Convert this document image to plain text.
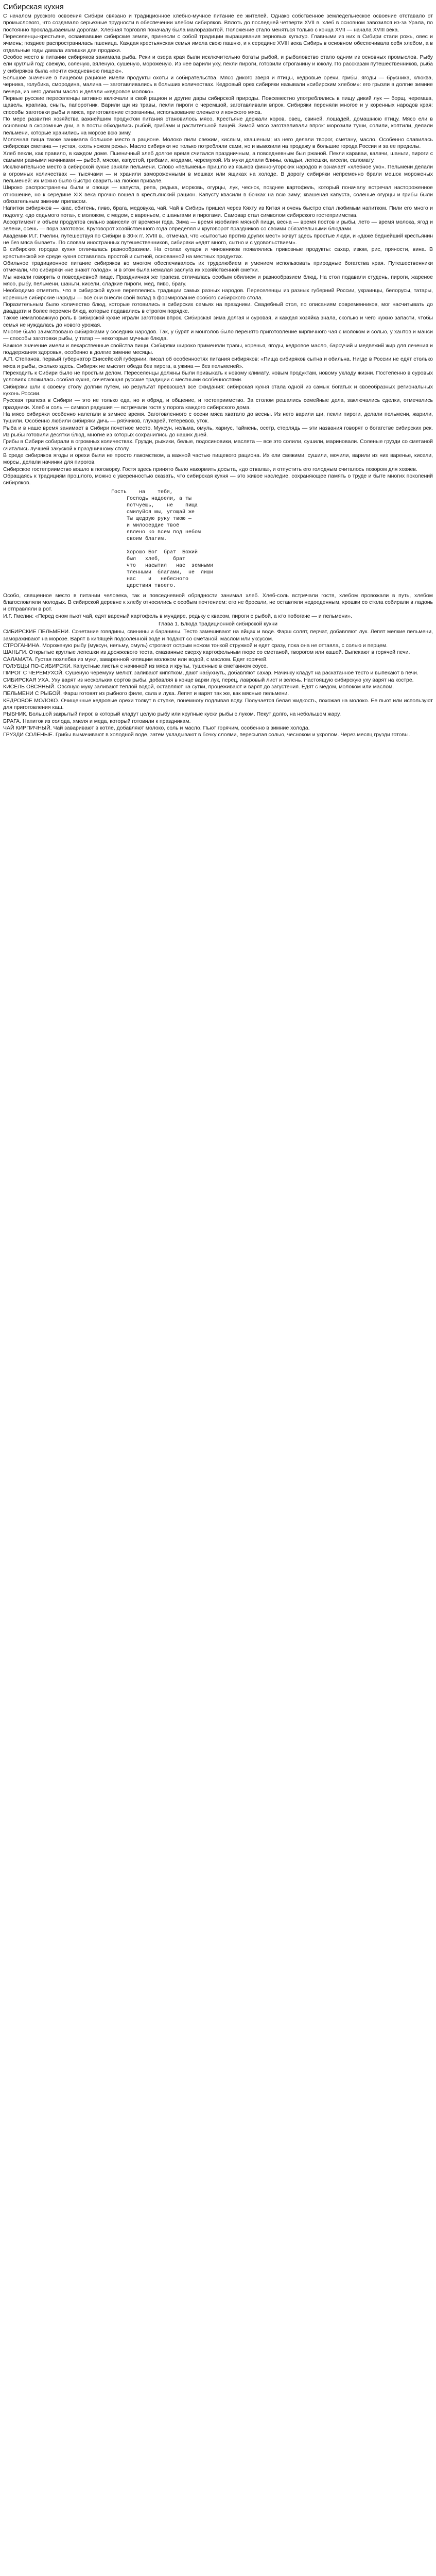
Сибирская кухня

С началом русского освоения Сибири связано и традиционное хлебно-мучное питание ее жителей. Однако собственное земледельческое освоение отставало от промыслового, что создавало серьезные трудности в обеспечении хлебом сибиряков. Вплоть до последней четверти XVII в. хлеб в основном завозился из-за Урала, по постоянно прокладываемым дорогам. Хлебная торговля поначалу была малоразвитой. Положение стало меняться только с конца XVII — начала XVIII века.

Переселенцы-крестьяне, осваивавшие сибирские земли, принесли с собой традиции выращивания зерновых культур. Главными из них в Сибири стали рожь, овес и ячмень; позднее распространилась пшеница. Каждая крестьянская семья имела свою пашню, и к середине XVIII века Сибирь в основном обеспечивала себя хлебом, а в отдельные годы давала излишки для продажи.

Особое место в питании сибиряков занимала рыба. Реки и озера края были исключительно богаты рыбой, и рыболовство стало одним из основных промыслов. Рыбу ели круглый год: свежую, соленую, вяленую, сушеную, мороженую. Из нее варили уху, пекли пироги, готовили строганину и юколу. По рассказам путешественников, рыба у сибиряков была «почти ежедневною пищею».

Большое значение в пищевом рационе имели продукты охоты и собирательства. Мясо дикого зверя и птицы, кедровые орехи, грибы, ягоды — брусника, клюква, черника, голубика, смородина, малина — заготавливались в больших количествах. Кедровый орех сибиряки называли «сибирским хлебом»: его грызли в долгие зимние вечера, из него давили масло и делали «кедровое молоко».

Первые русские переселенцы активно включали в свой рацион и другие дары сибирской природы. Повсеместно употреблялись в пищу дикий лук — борщ, черемша, щавель, крапива, сныть, папоротник. Варили щи из травы, пекли пироги с черемшой, заготавливали впрок. Сибиряки переняли многое и у коренных народов края: способы заготовки рыбы и мяса, приготовление строганины, использование оленьего и конского мяса.

По мере развития хозяйства важнейшим продуктом питания становилось мясо. Крестьяне держали коров, овец, свиней, лошадей, домашнюю птицу. Мясо ели в основном в скоромные дни, а в посты обходились рыбой, грибами и растительной пищей. Зимой мясо заготавливали впрок: морозили туши, солили, коптили, делали пельмени, которые хранились на морозе всю зиму.

Молочная пища также занимала большое место в рационе. Молоко пили свежим, кислым, квашеным; из него делали творог, сметану, масло. Особенно славилась сибирская сметана — густая, «хоть ножом режь». Масло сибиряки не только потребляли сами, но и вывозили на продажу в большие города России и за ее пределы.

Хлеб пекли, как правило, в каждом доме. Пшеничный хлеб долгое время считался праздничным, а повседневным был ржаной. Пекли караваи, калачи, шаньги, пироги с самыми разными начинками — рыбой, мясом, капустой, грибами, ягодами, черемухой. Из муки делали блины, оладьи, лепешки, кисели, саломату.

Исключительное место в сибирской кухне заняли пельмени. Слово «пельмень» пришло из языков финно-угорских народов и означает «хлебное ухо». Пельмени делали в огромных количествах — тысячами — и хранили замороженными в мешках или ящиках на холоде. В дорогу сибиряки непременно брали мешок мороженых пельменей: их можно было быстро сварить на любом привале.

Широко распространены были и овощи — капуста, репа, редька, морковь, огурцы, лук, чеснок, позднее картофель, который поначалу встречал настороженное отношение, но к середине XIX века прочно вошел в крестьянский рацион. Капусту квасили в бочках на всю зиму; квашеная капуста, соленые огурцы и грибы были обязательным зимним припасом.

Напитки сибиряков — квас, сбитень, пиво, брага, медовуха, чай. Чай в Сибирь пришел через Кяхту из Китая и очень быстро стал любимым напитком. Пили его много и подолгу, «до седьмого пота», с молоком, с медом, с вареньем, с шаньгами и пирогами. Самовар стал символом сибирского гостеприимства.

Ассортимент и объем продуктов сильно зависели от времени года. Зима — время изобилия мясной пищи, весна — время постов и рыбы, лето — время молока, ягод и зелени, осень — пора заготовок. Круговорот хозяйственного года определял и круговорот праздников со своими обязательными блюдами.

Академик И.Г. Гмелин, путешествуя по Сибири в 30-х гг. XVIII в., отмечал, что «сытостью против других мест» живут здесь простые люди, и «даже беднейший крестьянин не без мяса бывает». По словам иностранных путешественников, сибиряки «едят много, сытно и с удовольствием».

В сибирских городах кухня отличалась разнообразием. На столах купцов и чиновников появлялись привозные продукты: сахар, изюм, рис, пряности, вина. В крестьянской же среде кухня оставалась простой и сытной, основанной на местных продуктах.

Обильное традиционное питание сибиряков во многом обеспечивалось их трудолюбием и умением использовать природные богатства края. Путешественники отмечали, что сибиряки «не знают голода», и в этом была немалая заслуга их хозяйственной сметки.

Мы начали говорить о повседневной пище. Праздничная же трапеза отличалась особым обилием и разнообразием блюд. На стол подавали студень, пироги, жареное мясо, рыбу, пельмени, шаньги, кисели, сладкие пироги, мед, пиво, брагу.

Необходимо отметить, что в сибирской кухне переплелись традиции самых разных народов. Переселенцы из разных губерний России, украинцы, белорусы, татары, коренные сибирские народы — все они внесли свой вклад в формирование особого сибирского стола.

Поразительным было количество блюд, которые готовились в сибирских семьях на праздники. Свадебный стол, по описаниям современников, мог насчитывать до двадцати и более перемен блюд, которые подавались в строгом порядке.

Также немаловажную роль в сибирской кухне играли заготовки впрок. Сибирская зима долгая и суровая, и каждая хозяйка знала, сколько и чего нужно запасти, чтобы семья не нуждалась до нового урожая.

Многое было заимствовано сибиряками у соседних народов. Так, у бурят и монголов было перенято приготовление кирпичного чая с молоком и солью, у хантов и манси — способы заготовки рыбы, у татар — некоторые мучные блюда.

Важное значение имели и лекарственные свойства пищи. Сибиряки широко применяли травы, коренья, ягоды, кедровое масло, барсучий и медвежий жир для лечения и поддержания здоровья, особенно в долгие зимние месяцы.

А.П. Степанов, первый губернатор Енисейской губернии, писал об особенностях питания сибиряков: «Пища сибиряков сытна и обильна. Нигде в России не едят столько мяса и рыбы, сколько здесь. Сибиряк не мыслит обеда без пирога, а ужина — без пельменей».

Переходить к Сибири было не простым делом. Переселенцы должны были привыкать к новому климату, новым продуктам, новому укладу жизни. Постепенно в суровых условиях сложилась особая кухня, сочетающая русские традиции с местными особенностями.

Сибиряки шли к своему столу долгим путем, но результат превзошел все ожидания: сибирская кухня стала одной из самых богатых и своеобразных региональных кухонь России.

Русская трапеза в Сибири — это не только еда, но и обряд, и общение, и гостеприимство. За столом решались семейные дела, заключались сделки, отмечались праздники. Хлеб и соль — символ радушия — встречали гостя у порога каждого сибирского дома.

На мясо сибиряки особенно налегали в зимнее время. Заготовленного с осени мяса хватало до весны. Из него варили щи, пекли пироги, делали пельмени, жарили, тушили. Особенно любили сибиряки дичь — рябчиков, глухарей, тетеревов, уток.

Рыба и в наше время занимает в Сибири почетное место. Муксун, нельма, омуль, хариус, таймень, осетр, стерлядь — эти названия говорят о богатстве сибирских рек. Из рыбы готовили десятки блюд, многие из которых сохранились до наших дней.

Грибы в Сибири собирали в огромных количествах. Грузди, рыжики, белые, подосиновики, маслята — все это солили, сушили, мариновали. Соленые грузди со сметаной считались лучшей закуской к праздничному столу.

В среде сибиряков ягоды и орехи были не просто лакомством, а важной частью пищевого рациона. Их ели свежими, сушили, мочили, варили из них варенье, кисели, морсы, делали начинки для пирогов.

Сибирское гостеприимство вошло в поговорку. Гостя здесь принято было накормить досыта, «до отвала», и отпустить его голодным считалось позором для хозяев.

Обращаясь к традициям прошлого, можно с уверенностью сказать, что сибирская кухня — это живое наследие, сохраняющее память о труде и быте многих поколений сибиряков.

Гость    на    тебя,
Господь надоели, а ты
потчуешь,    не    пища
смилуйся мы, угощай же
Ты щедрую руку твою —
и милосердие твоё
явлено ко всем под небом
своим благим.

Хорошо Бог  брат  Божий
был   хлеб,    брат
что   насытил   нас  земными
тленными  благами,  не  лиши
нас    и   небесного
царствия твоего.

Особо, священное место в питании человека, так и повседневной обрядности занимал хлеб. Хлеб-соль встречали гостя, хлебом провожали в путь, хлебом благословляли молодых. В сибирской деревне к хлебу относились с особым почтением: его не бросали, не оставляли недоеденным, крошки со стола собирали в ладонь и отправляли в рот.

И.Г. Гмелин: «Перед сном пьют чай, едят вареный картофель в мундире, редьку с квасом, пироги с рыбой, а кто побогаче — и пельмени».

Глава 1. Блюда традиционной сибирской кухни

СИБИРСКИЕ ПЕЛЬМЕНИ. Сочетание говядины, свинины и баранины. Тесто замешивают на яйцах и воде. Фарш солят, перчат, добавляют лук. Лепят мелкие пельмени, замораживают на морозе. Варят в кипящей подсоленной воде и подают со сметаной, маслом или уксусом.

СТРОГАНИНА. Мороженую рыбу (муксун, нельму, омуль) строгают острым ножом тонкой стружкой и едят сразу, пока она не оттаяла, с солью и перцем.

ШАНЬГИ. Открытые круглые лепешки из дрожжевого теста, смазанные сверху картофельным пюре со сметаной, творогом или кашей. Выпекают в горячей печи.

САЛАМАТА. Густая похлебка из муки, заваренной кипящим молоком или водой, с маслом. Едят горячей.

ГОЛУБЦЫ ПО-СИБИРСКИ. Капустные листья с начинкой из мяса и крупы, тушенные в сметанном соусе.

ПИРОГ С ЧЕРЕМУХОЙ. Сушеную черемуху мелют, заливают кипятком, дают набухнуть, добавляют сахар. Начинку кладут на раскатанное тесто и выпекают в печи.

СИБИРСКАЯ УХА. Уху варят из нескольких сортов рыбы, добавляя в конце варки лук, перец, лавровый лист и зелень. Настоящую сибирскую уху варят на костре.

КИСЕЛЬ ОВСЯНЫЙ. Овсяную муку заливают теплой водой, оставляют на сутки, процеживают и варят до загустения. Едят с медом, молоком или маслом.

ПЕЛЬМЕНИ С РЫБОЙ. Фарш готовят из рыбного филе, сала и лука. Лепят и варят так же, как мясные пельмени.

КЕДРОВОЕ МОЛОКО. Очищенные кедровые орехи толкут в ступке, понемногу подливая воду. Получается белая жидкость, похожая на молоко. Ее пьют или используют для приготовления каш.

РЫБНИК. Большой закрытый пирог, в который кладут целую рыбу или крупные куски рыбы с луком. Пекут долго, на небольшом жару.

БРАГА. Напиток из солода, хмеля и меда, который готовили к праздникам.

ЧАЙ КИРПИЧНЫЙ. Чай заваривают в котле, добавляют молоко, соль и масло. Пьют горячим, особенно в зимние холода.

ГРУЗДИ СОЛЕНЫЕ. Грибы вымачивают в холодной воде, затем укладывают в бочку слоями, пересыпая солью, чесноком и укропом. Через месяц грузди готовы.
